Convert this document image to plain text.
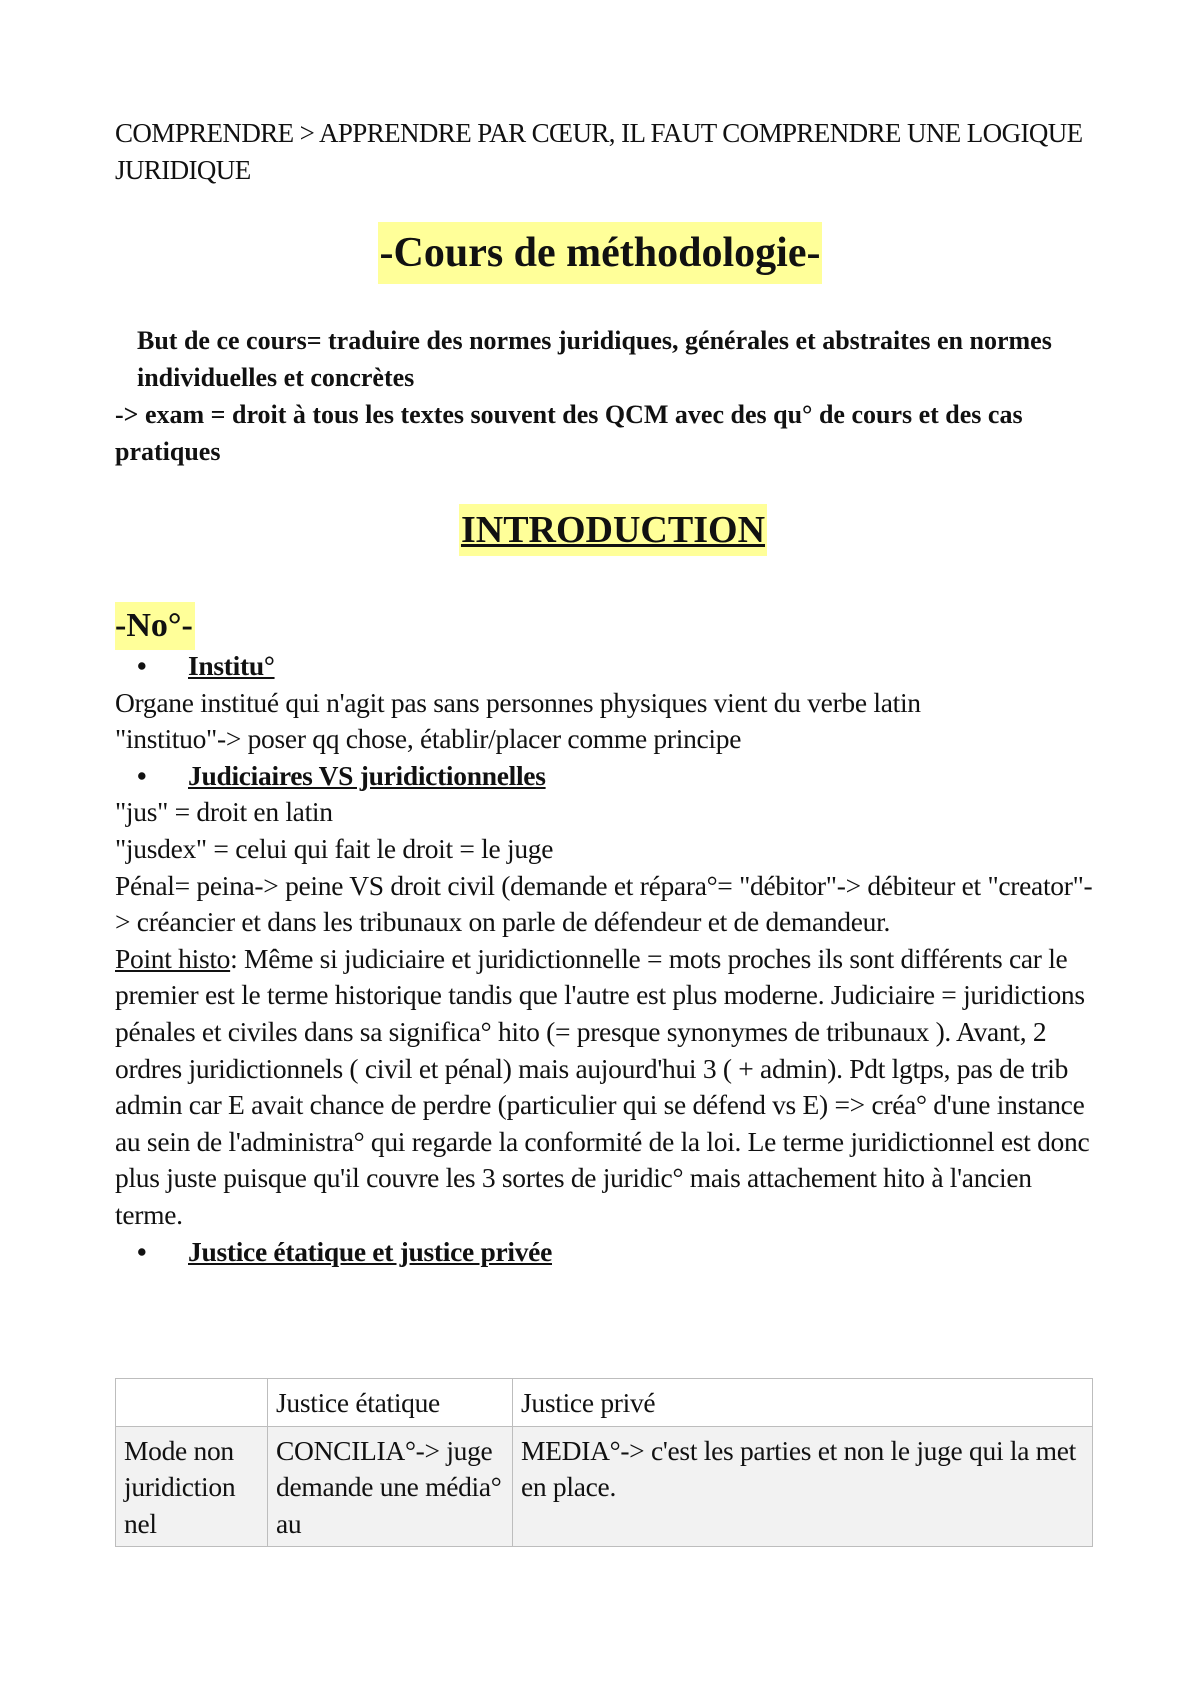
COMPRENDRE > APPRENDRE PAR CŒUR, IL FAUT COMPRENDRE UNE LOGIQUE JURIDIQUE
-Cours de méthodologie-
But de ce cours= traduire des normes juridiques, générales et abstraites en normes individuelles et concrètes
-> exam = droit à tous les textes souvent des QCM avec des qu° de cours et des cas pratiques
INTRODUCTION
-No°-
• Institu°
Organe institué qui n'agit pas sans personnes physiques vient du verbe latin
"instituo"-> poser qq chose, établir/placer comme principe
• Judiciaires VS juridictionnelles
"jus" = droit en latin
"jusdex" = celui qui fait le droit = le juge
Pénal= peina-> peine VS droit civil (demande et répara°= "débitor"-> débiteur et "creator"-> créancier et dans les tribunaux on parle de défendeur et de demandeur.
Point histo: Même si judiciaire et juridictionnelle = mots proches ils sont différents car le premier est le terme historique tandis que l'autre est plus moderne. Judiciaire = juridictions pénales et civiles dans sa significa° hito (= presque synonymes de tribunaux ). Avant, 2 ordres juridictionnels ( civil et pénal) mais aujourd'hui 3 ( + admin). Pdt lgtps, pas de trib admin car E avait chance de perdre (particulier qui se défend vs E) => créa° d'une instance au sein de l'administra° qui regarde la conformité de la loi. Le terme juridictionnel est donc plus juste puisque qu'il couvre les 3 sortes de juridic° mais attachement hito à l'ancien terme.
• Justice étatique et justice privée
	Justice étatique	Justice privé
Mode non juridiction nel	CONCILIA°-> juge demande une média° au	MEDIA°-> c'est les parties et non le juge qui la met en place.
